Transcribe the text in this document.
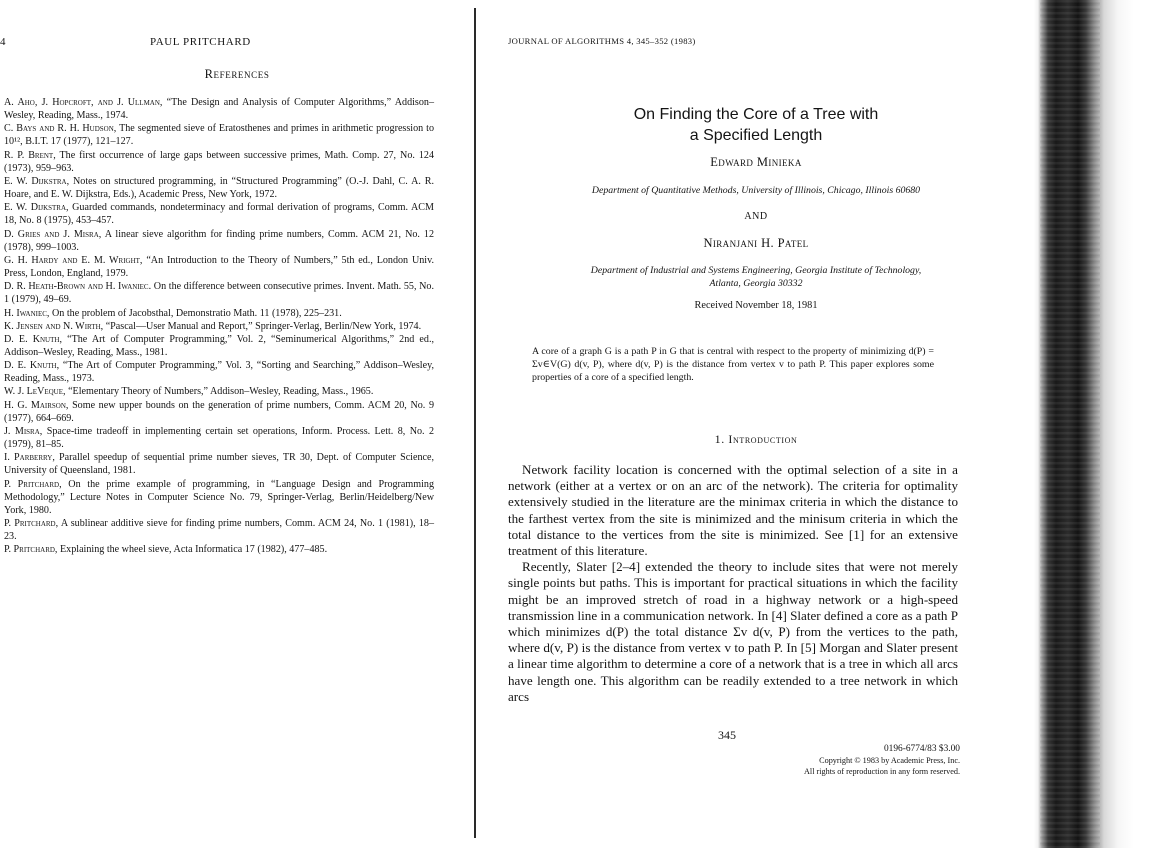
4	PAUL PRITCHARD
References
A. Aho, J. Hopcroft, and J. Ullman, “The Design and Analysis of Computer Algorithms,” Addison–Wesley, Reading, Mass., 1974.
C. Bays and R. H. Hudson, The segmented sieve of Eratosthenes and primes in arithmetic progression to 10¹², B.I.T. 17 (1977), 121–127.
R. P. Brent, The first occurrence of large gaps between successive primes, Math. Comp. 27, No. 124 (1973), 959–963.
E. W. Dijkstra, Notes on structured programming, in “Structured Programming” (O.-J. Dahl, C. A. R. Hoare, and E. W. Dijkstra, Eds.), Academic Press, New York, 1972.
E. W. Dijkstra, Guarded commands, nondeterminacy and formal derivation of programs, Comm. ACM 18, No. 8 (1975), 453–457.
D. Gries and J. Misra, A linear sieve algorithm for finding prime numbers, Comm. ACM 21, No. 12 (1978), 999–1003.
G. H. Hardy and E. M. Wright, “An Introduction to the Theory of Numbers,” 5th ed., London Univ. Press, London, England, 1979.
D. R. Heath-Brown and H. Iwaniec. On the difference between consecutive primes. Invent. Math. 55, No. 1 (1979), 49–69.
H. Iwaniec, On the problem of Jacobsthal, Demonstratio Math. 11 (1978), 225–231.
K. Jensen and N. Wirth, “Pascal—User Manual and Report,” Springer-Verlag, Berlin/New York, 1974.
D. E. Knuth, “The Art of Computer Programming,” Vol. 2, “Seminumerical Algorithms,” 2nd ed., Addison–Wesley, Reading, Mass., 1981.
D. E. Knuth, “The Art of Computer Programming,” Vol. 3, “Sorting and Searching,” Addison–Wesley, Reading, Mass., 1973.
W. J. LeVeque, “Elementary Theory of Numbers,” Addison–Wesley, Reading, Mass., 1965.
H. G. Mairson, Some new upper bounds on the generation of prime numbers, Comm. ACM 20, No. 9 (1977), 664–669.
J. Misra, Space-time tradeoff in implementing certain set operations, Inform. Process. Lett. 8, No. 2 (1979), 81–85.
I. Parberry, Parallel speedup of sequential prime number sieves, TR 30, Dept. of Computer Science, University of Queensland, 1981.
P. Pritchard, On the prime example of programming, in “Language Design and Programming Methodology,” Lecture Notes in Computer Science No. 79, Springer-Verlag, Berlin/Heidelberg/New York, 1980.
P. Pritchard, A sublinear additive sieve for finding prime numbers, Comm. ACM 24, No. 1 (1981), 18–23.
P. Pritchard, Explaining the wheel sieve, Acta Informatica 17 (1982), 477–485.
JOURNAL OF ALGORITHMS 4, 345–352 (1983)
On Finding the Core of a Tree with
a Specified Length
Edward Minieka
Department of Quantitative Methods, University of Illinois, Chicago, Illinois 60680
AND
Niranjani H. Patel
Department of Industrial and Systems Engineering, Georgia Institute of Technology,
Atlanta, Georgia 30332
Received November 18, 1981
A core of a graph G is a path P in G that is central with respect to the property of minimizing d(P) = Σv∈V(G) d(v, P), where d(v, P) is the distance from vertex v to path P. This paper explores some properties of a core of a specified length.
1. Introduction

Network facility location is concerned with the optimal selection of a site in a network (either at a vertex or on an arc of the network). The criteria for optimality extensively studied in the literature are the minimax criteria in which the distance to the farthest vertex from the site is minimized and the minisum criteria in which the total distance to the vertices from the site is minimized. See [1] for an extensive treatment of this literature.

Recently, Slater [2–4] extended the theory to include sites that were not merely single points but paths. This is important for practical situations in which the facility might be an improved stretch of road in a highway network or a high-speed transmission line in a communication network. In [4] Slater defined a core as a path P which minimizes d(P) the total distance Σv d(v, P) from the vertices to the path, where d(v, P) is the distance from vertex v to path P. In [5] Morgan and Slater present a linear time algorithm to determine a core of a network that is a tree in which all arcs have length one. This algorithm can be readily extended to a tree network in which arcs

345
0196-6774/83 $3.00
Copyright © 1983 by Academic Press, Inc.
All rights of reproduction in any form reserved.
